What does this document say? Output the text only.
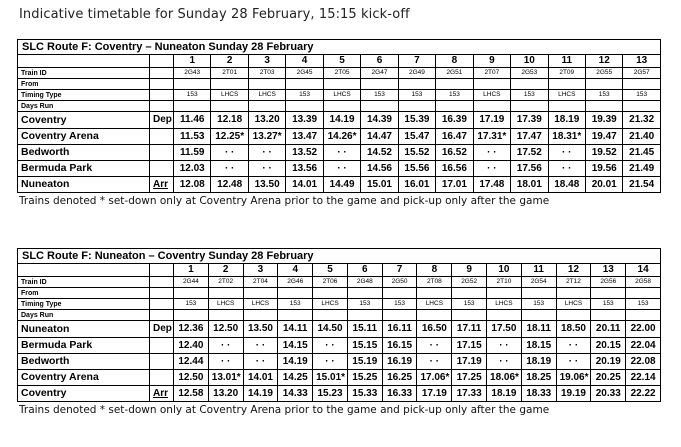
Indicative timetable for Sunday 28 February, 15:15 kick-off
SLC Route F: Coventry – Nuneaton Sunday 28 February														
		1	2	3	4	5	6	7	8	9	10	11	12	13
Train ID		2G43	2T01	2T03	2G45	2T05	2G47	2G49	2G51	2T07	2G53	2T09	2G55	2G57
From														
Timing Type		153	LHCS	LHCS	153	LHCS	153	153	153	LHCS	153	LHCS	153	153
Days Run														
Coventry	Dep	11.46	12.18	13.20	13.39	14.19	14.39	15.39	16.39	17.19	17.39	18.19	19.39	21.32
Coventry Arena		11.53	12.25*	13.27*	13.47	14.26*	14.47	15.47	16.47	17.31*	17.47	18.31*	19.47	21.40
Bedworth		11.59	· ·	· ·	13.52	· ·	14.52	15.52	16.52	· ·	17.52	· ·	19.52	21.45
Bermuda Park		12.03	· ·	· ·	13.56	· ·	14.56	15.56	16.56	· ·	17.56	· ·	19.56	21.49
Nuneaton	Arr	12.08	12.48	13.50	14.01	14.49	15.01	16.01	17.01	17.48	18.01	18.48	20.01	21.54
Trains denoted * set-down only at Coventry Arena prior to the game and pick-up only after the game
SLC Route F: Nuneaton – Coventry Sunday 28 February															
		1	2	3	4	5	6	7	8	9	10	11	12	13	14
Train ID		2G44	2T02	2T04	2G46	2T06	2G48	2G50	2T08	2G52	2T10	2G54	2T12	2G56	2G58
From															
Timing Type		153	LHCS	LHCS	153	LHCS	153	153	LHCS	153	LHCS	153	LHCS	153	153
Days Run															
Nuneaton	Dep	12.36	12.50	13.50	14.11	14.50	15.11	16.11	16.50	17.11	17.50	18.11	18.50	20.11	22.00
Bermuda Park		12.40	· ·	· ·	14.15	· ·	15.15	16.15	· ·	17.15	· ·	18.15	· ·	20.15	22.04
Bedworth		12.44	· ·	· ·	14.19	· ·	15.19	16.19	· ·	17.19	· ·	18.19	· ·	20.19	22.08
Coventry Arena		12.50	13.01*	14.01	14.25	15.01*	15.25	16.25	17.06*	17.25	18.06*	18.25	19.06*	20.25	22.14
Coventry	Arr	12.58	13.20	14.19	14.33	15.23	15.33	16.33	17.19	17.33	18.19	18.33	19.19	20.33	22.22
Trains denoted * set-down only at Coventry Arena prior to the game and pick-up only after the game
